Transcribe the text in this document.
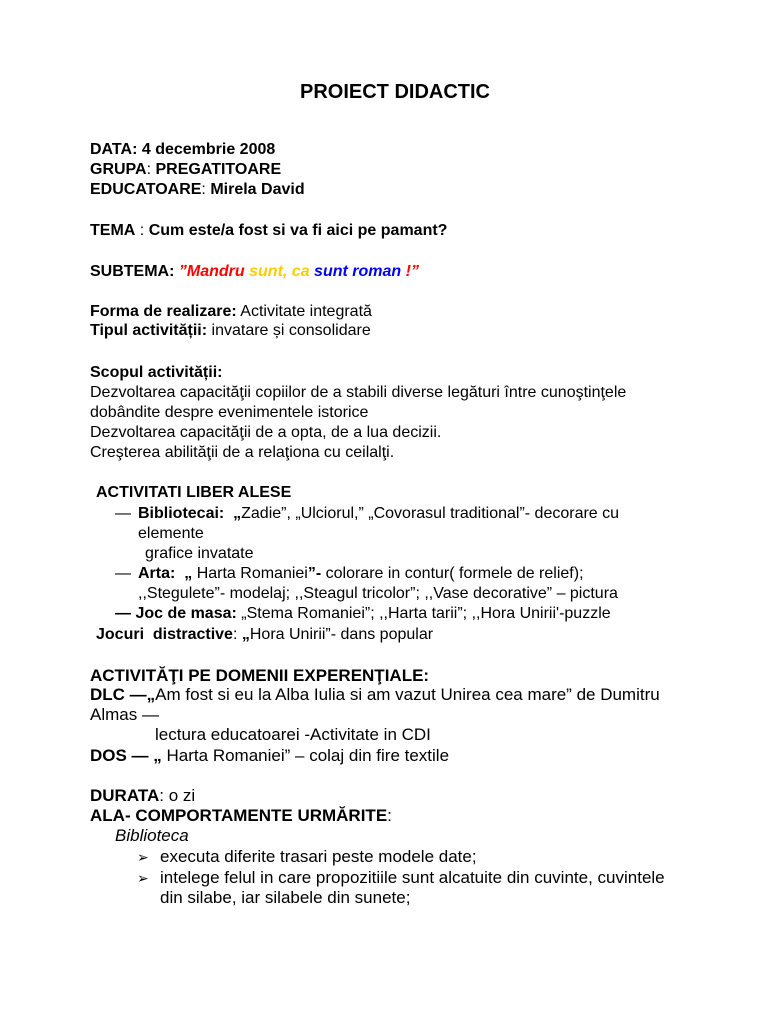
PROIECT DIDACTIC
DATA: 4 decembrie 2008
GRUPA: PREGATITOARE
EDUCATOARE: Mirela David
TEMA : Cum este/a fost si va fi aici pe pamant?
SUBTEMA: ”Mandru sunt, ca sunt roman !”
Forma de realizare: Activitate integrată
Tipul activității: invatare și consolidare
Scopul activității:
Dezvoltarea capacităţii copiilor de a stabili diverse legături între cunoştinţele
dobândite despre evenimentele istorice
Dezvoltarea capacităţii de a opta, de a lua decizii.
Creşterea abilităţii de a relaţiona cu ceilalţi.
ACTIVITATI LIBER ALESE
— Bibliotecai: „Zadie”, „Ulciorul,” „Covorasul traditional”- decorare cu
elemente
grafice invatate
— Arta: „ Harta Romaniei”- colorare in contur( formele de relief);
,,Stegulete”- modelaj; ,,Steagul tricolor”; ,,Vase decorative” – pictura
— Joc de masa: „Stema Romaniei”; ,,Harta tarii”; ,,Hora Unirii'-puzzle
Jocuri  distractive: „Hora Unirii”- dans popular
ACTIVITĂŢI PE DOMENII EXPERENŢIALE:
DLC —„Am fost si eu la Alba Iulia si am vazut Unirea cea mare” de Dumitru
Almas —
lectura educatoarei -Activitate in CDI
DOS — „ Harta Romaniei” – colaj din fire textile
DURATA: o zi
ALA- COMPORTAMENTE URMĂRITE:
Biblioteca
➢ executa diferite trasari peste modele date;
➢ intelege felul in care propozitiile sunt alcatuite din cuvinte, cuvintele
din silabe, iar silabele din sunete;
